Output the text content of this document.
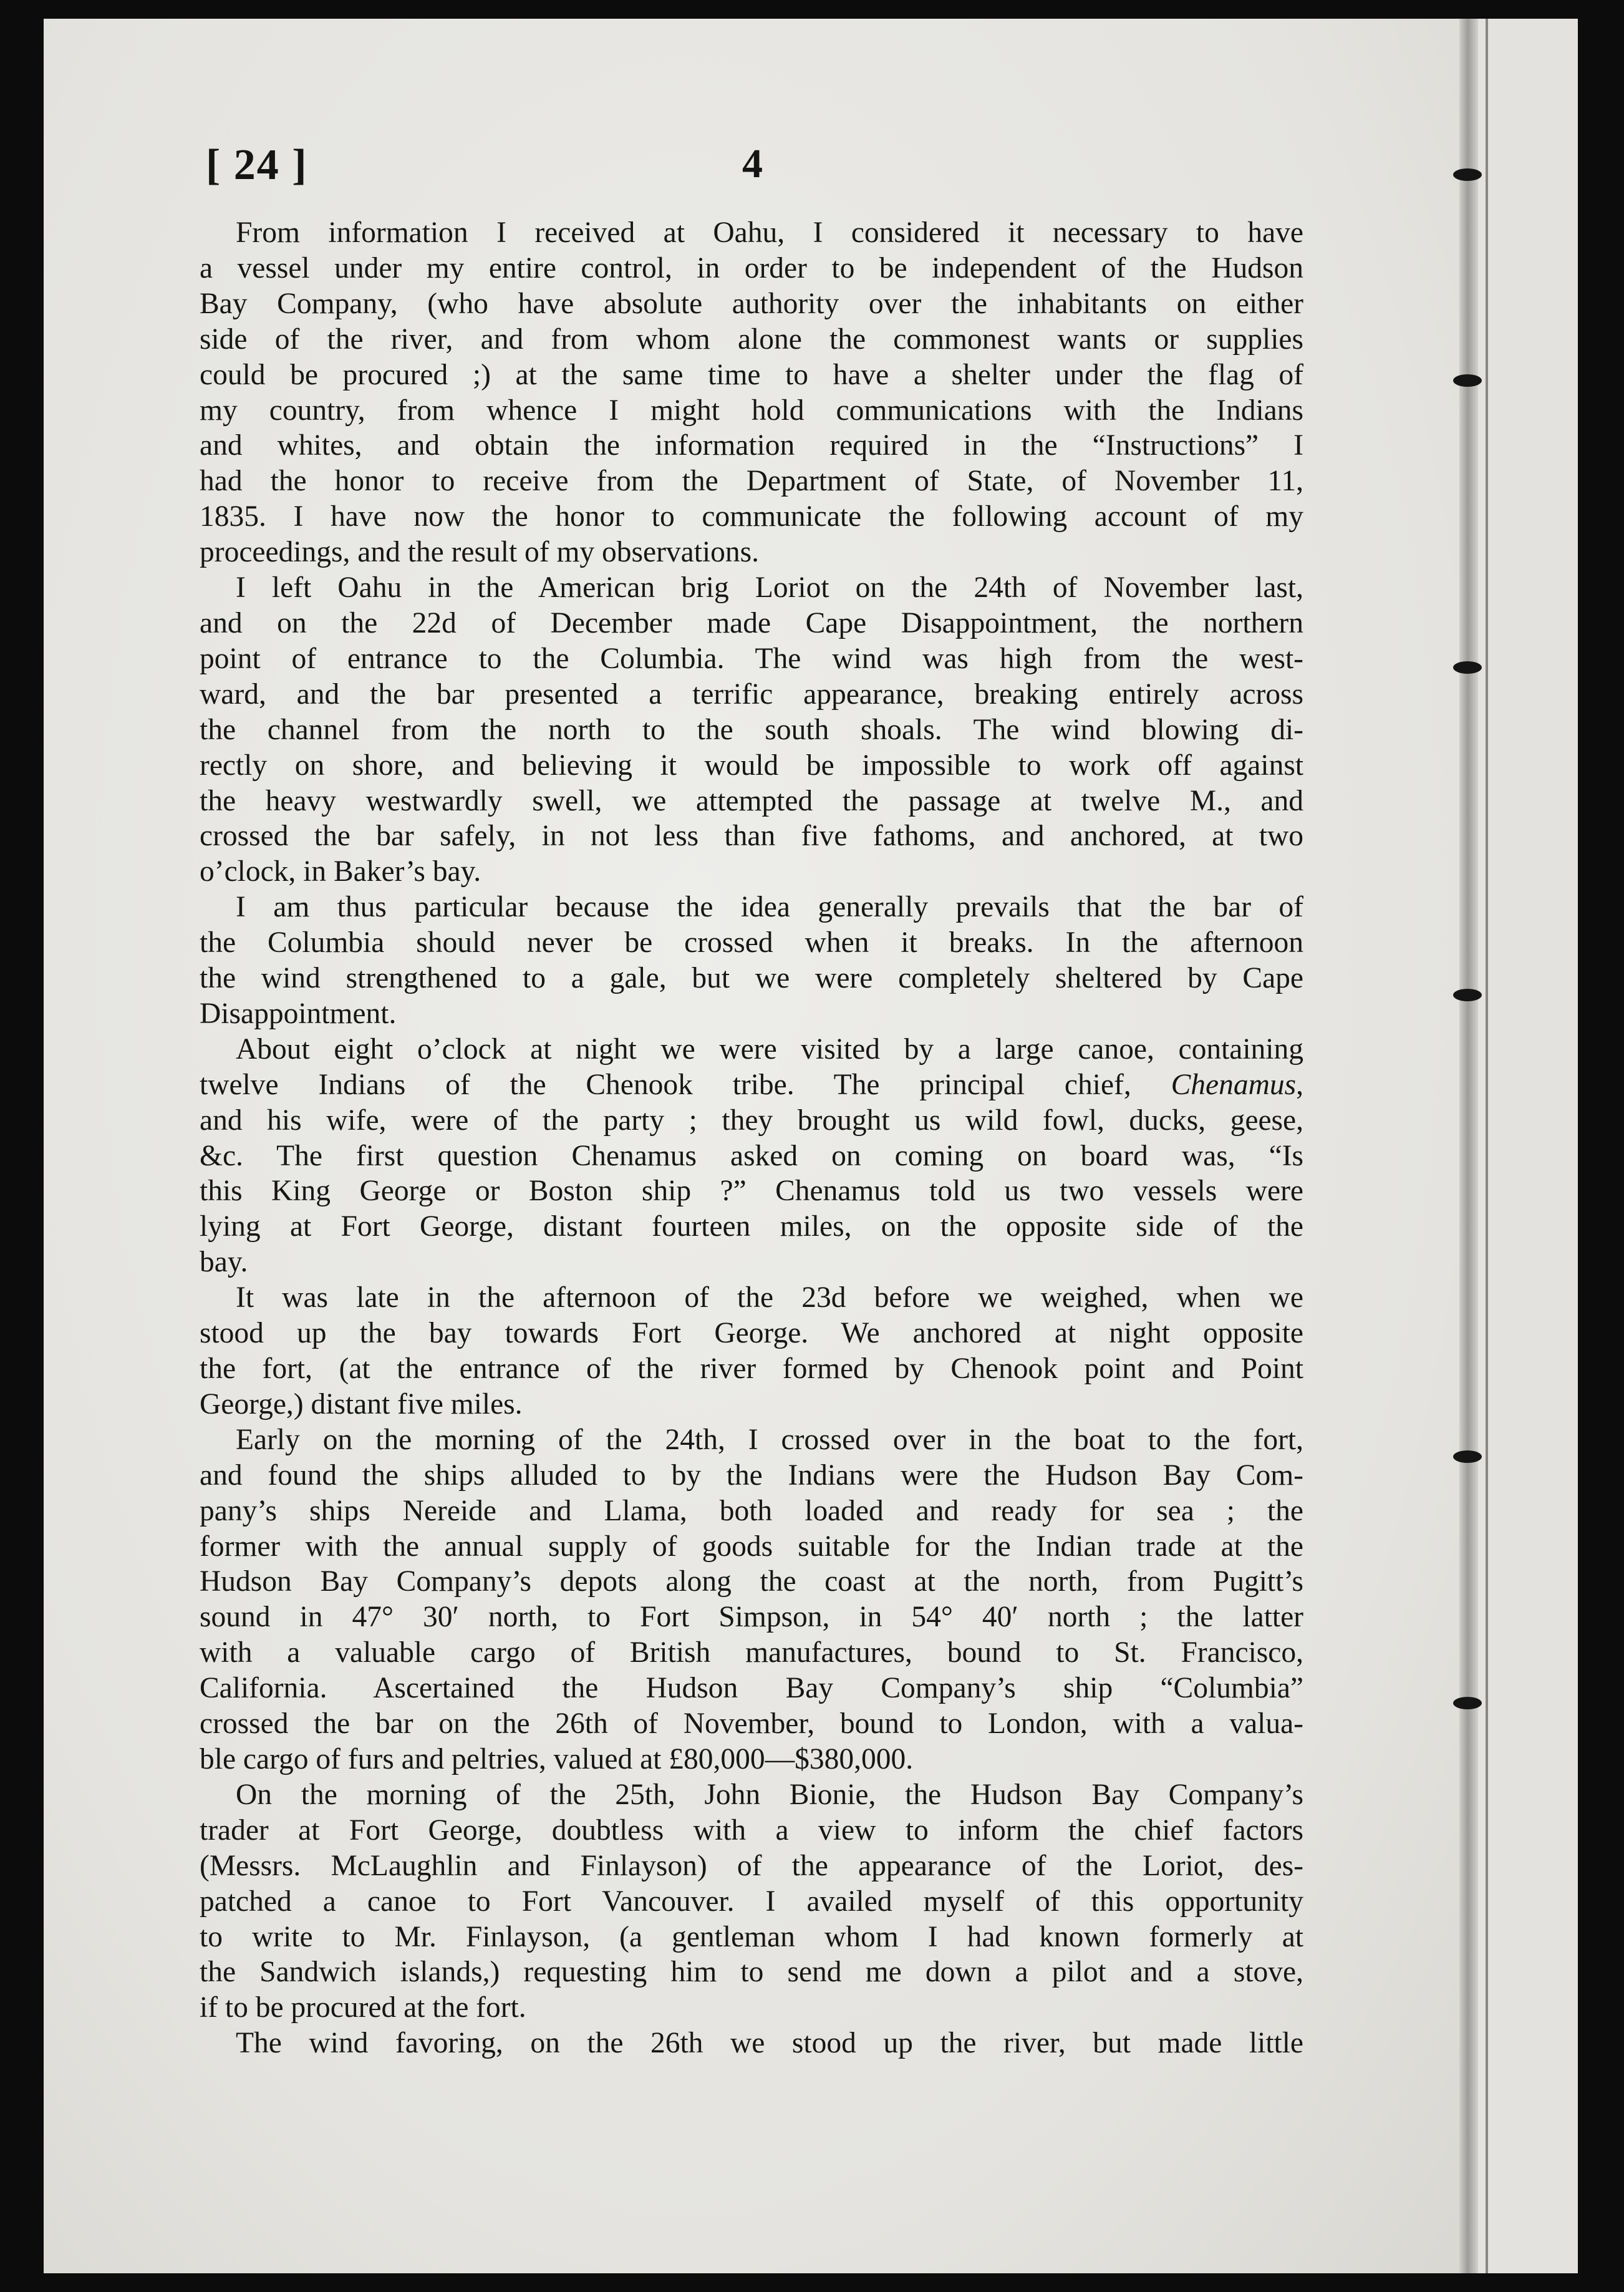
[ 24 ]	4
From information I received at Oahu, I considered it necessary to have
a vessel under my entire control, in order to be independent of the Hudson
Bay Company, (who have absolute authority over the inhabitants on either
side of the river, and from whom alone the commonest wants or supplies
could be procured ;) at the same time to have a shelter under the flag of
my country, from whence I might hold communications with the Indians
and whites, and obtain the information required in the “Instructions” I
had the honor to receive from the Department of State, of November 11,
1835. I have now the honor to communicate the following account of my
proceedings, and the result of my observations.
I left Oahu in the American brig Loriot on the 24th of November last,
and on the 22d of December made Cape Disappointment, the northern
point of entrance to the Columbia. The wind was high from the west-
ward, and the bar presented a terrific appearance, breaking entirely across
the channel from the north to the south shoals. The wind blowing di-
rectly on shore, and believing it would be impossible to work off against
the heavy westwardly swell, we attempted the passage at twelve M., and
crossed the bar safely, in not less than five fathoms, and anchored, at two
o’clock, in Baker’s bay.
I am thus particular because the idea generally prevails that the bar of
the Columbia should never be crossed when it breaks. In the afternoon
the wind strengthened to a gale, but we were completely sheltered by Cape
Disappointment.
About eight o’clock at night we were visited by a large canoe, containing
twelve Indians of the Chenook tribe. The principal chief, Chenamus,
and his wife, were of the party ; they brought us wild fowl, ducks, geese,
&c. The first question Chenamus asked on coming on board was, “Is
this King George or Boston ship ?” Chenamus told us two vessels were
lying at Fort George, distant fourteen miles, on the opposite side of the
bay.
It was late in the afternoon of the 23d before we weighed, when we
stood up the bay towards Fort George. We anchored at night opposite
the fort, (at the entrance of the river formed by Chenook point and Point
George,) distant five miles.
Early on the morning of the 24th, I crossed over in the boat to the fort,
and found the ships alluded to by the Indians were the Hudson Bay Com-
pany’s ships Nereide and Llama, both loaded and ready for sea ; the
former with the annual supply of goods suitable for the Indian trade at the
Hudson Bay Company’s depots along the coast at the north, from Pugitt’s
sound in 47° 30′ north, to Fort Simpson, in 54° 40′ north ; the latter
with a valuable cargo of British manufactures, bound to St. Francisco,
California. Ascertained the Hudson Bay Company’s ship “Columbia”
crossed the bar on the 26th of November, bound to London, with a valua-
ble cargo of furs and peltries, valued at £80,000—$380,000.
On the morning of the 25th, John Bionie, the Hudson Bay Company’s
trader at Fort George, doubtless with a view to inform the chief factors
(Messrs. McLaughlin and Finlayson) of the appearance of the Loriot, des-
patched a canoe to Fort Vancouver. I availed myself of this opportunity
to write to Mr. Finlayson, (a gentleman whom I had known formerly at
the Sandwich islands,) requesting him to send me down a pilot and a stove,
if to be procured at the fort.
The wind favoring, on the 26th we stood up the river, but made little
